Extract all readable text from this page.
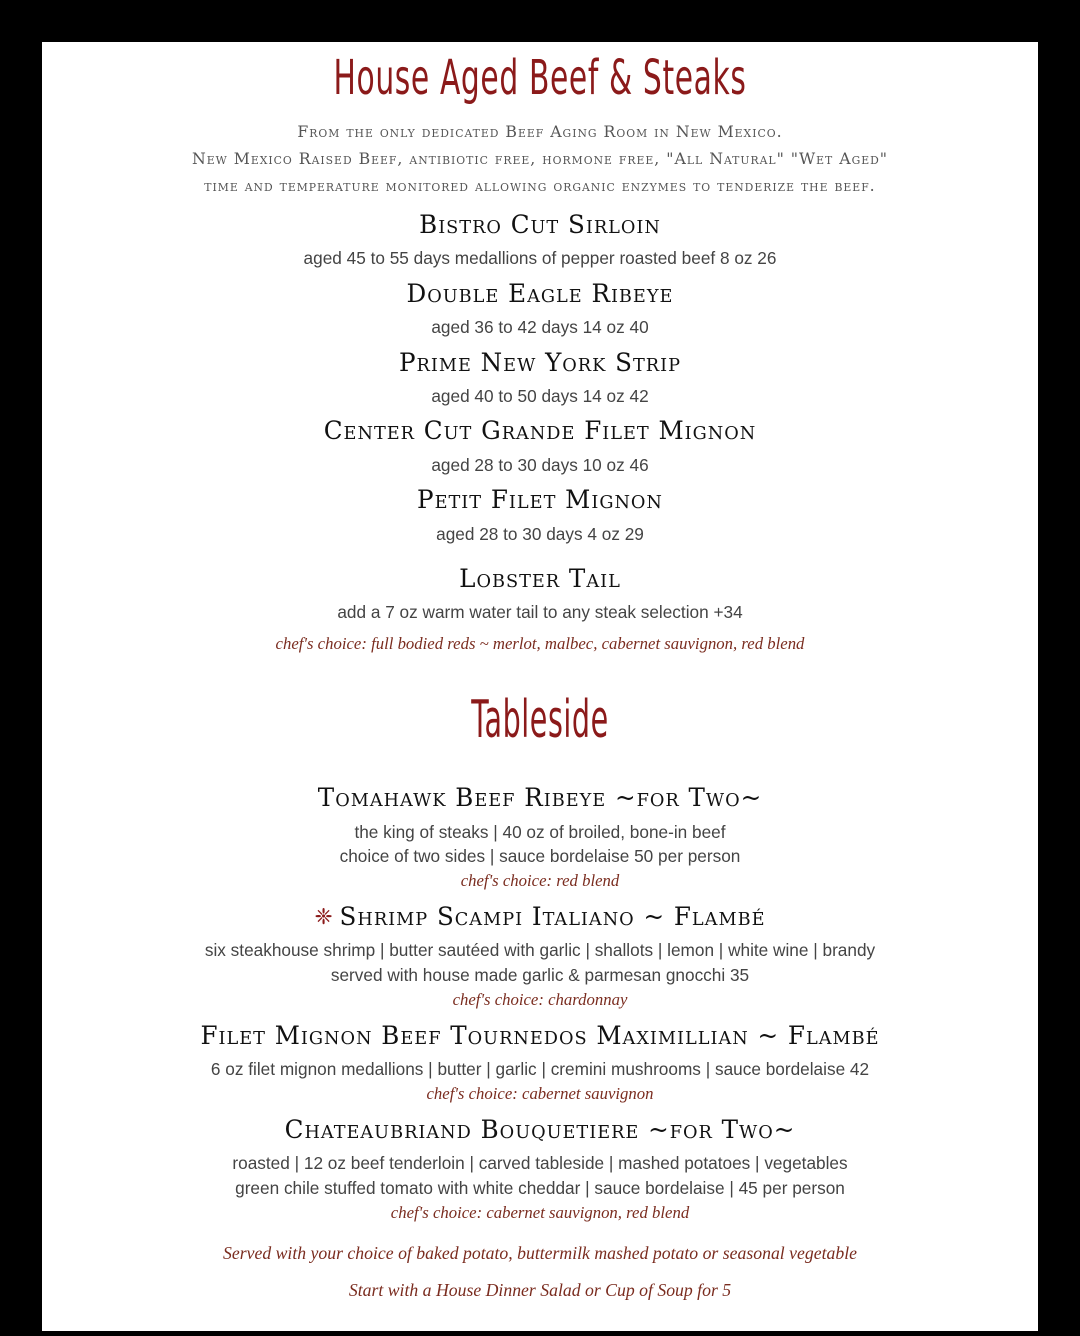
House Aged Beef & Steaks
From the only dedicated Beef Aging Room in New Mexico.
New Mexico Raised Beef, antibiotic free, hormone free, "All Natural" "Wet Aged"
time and temperature monitored allowing organic enzymes to tenderize the beef.
Bistro Cut Sirloin
aged 45 to 55 days medallions of pepper roasted beef 8 oz 26
Double Eagle Ribeye
aged 36 to 42 days 14 oz 40
Prime New York Strip
aged 40 to 50 days 14 oz 42
Center Cut Grande Filet Mignon
aged 28 to 30 days 10 oz 46
Petit Filet Mignon
aged 28 to 30 days 4 oz 29
Lobster Tail
add a 7 oz warm water tail to any steak selection +34
chef's choice: full bodied reds ~ merlot, malbec, cabernet sauvignon, red blend
Tableside
Tomahawk Beef Ribeye ~for Two~
the king of steaks | 40 oz of broiled, bone-in beef
choice of two sides | sauce bordelaise 50 per person
chef's choice: red blend
❈ Shrimp Scampi Italiano ~ Flambé
six steakhouse shrimp | butter sautéed with garlic | shallots | lemon | white wine | brandy
served with house made garlic & parmesan gnocchi 35
chef's choice: chardonnay
Filet Mignon Beef Tournedos Maximillian ~ Flambé
6 oz filet mignon medallions | butter | garlic | cremini mushrooms | sauce bordelaise 42
chef's choice: cabernet sauvignon
Chateaubriand Bouquetiere ~for Two~
roasted | 12 oz beef tenderloin | carved tableside | mashed potatoes | vegetables
green chile stuffed tomato with white cheddar | sauce bordelaise | 45 per person
chef's choice: cabernet sauvignon, red blend
Served with your choice of baked potato, buttermilk mashed potato or seasonal vegetable
Start with a House Dinner Salad or Cup of Soup for 5
